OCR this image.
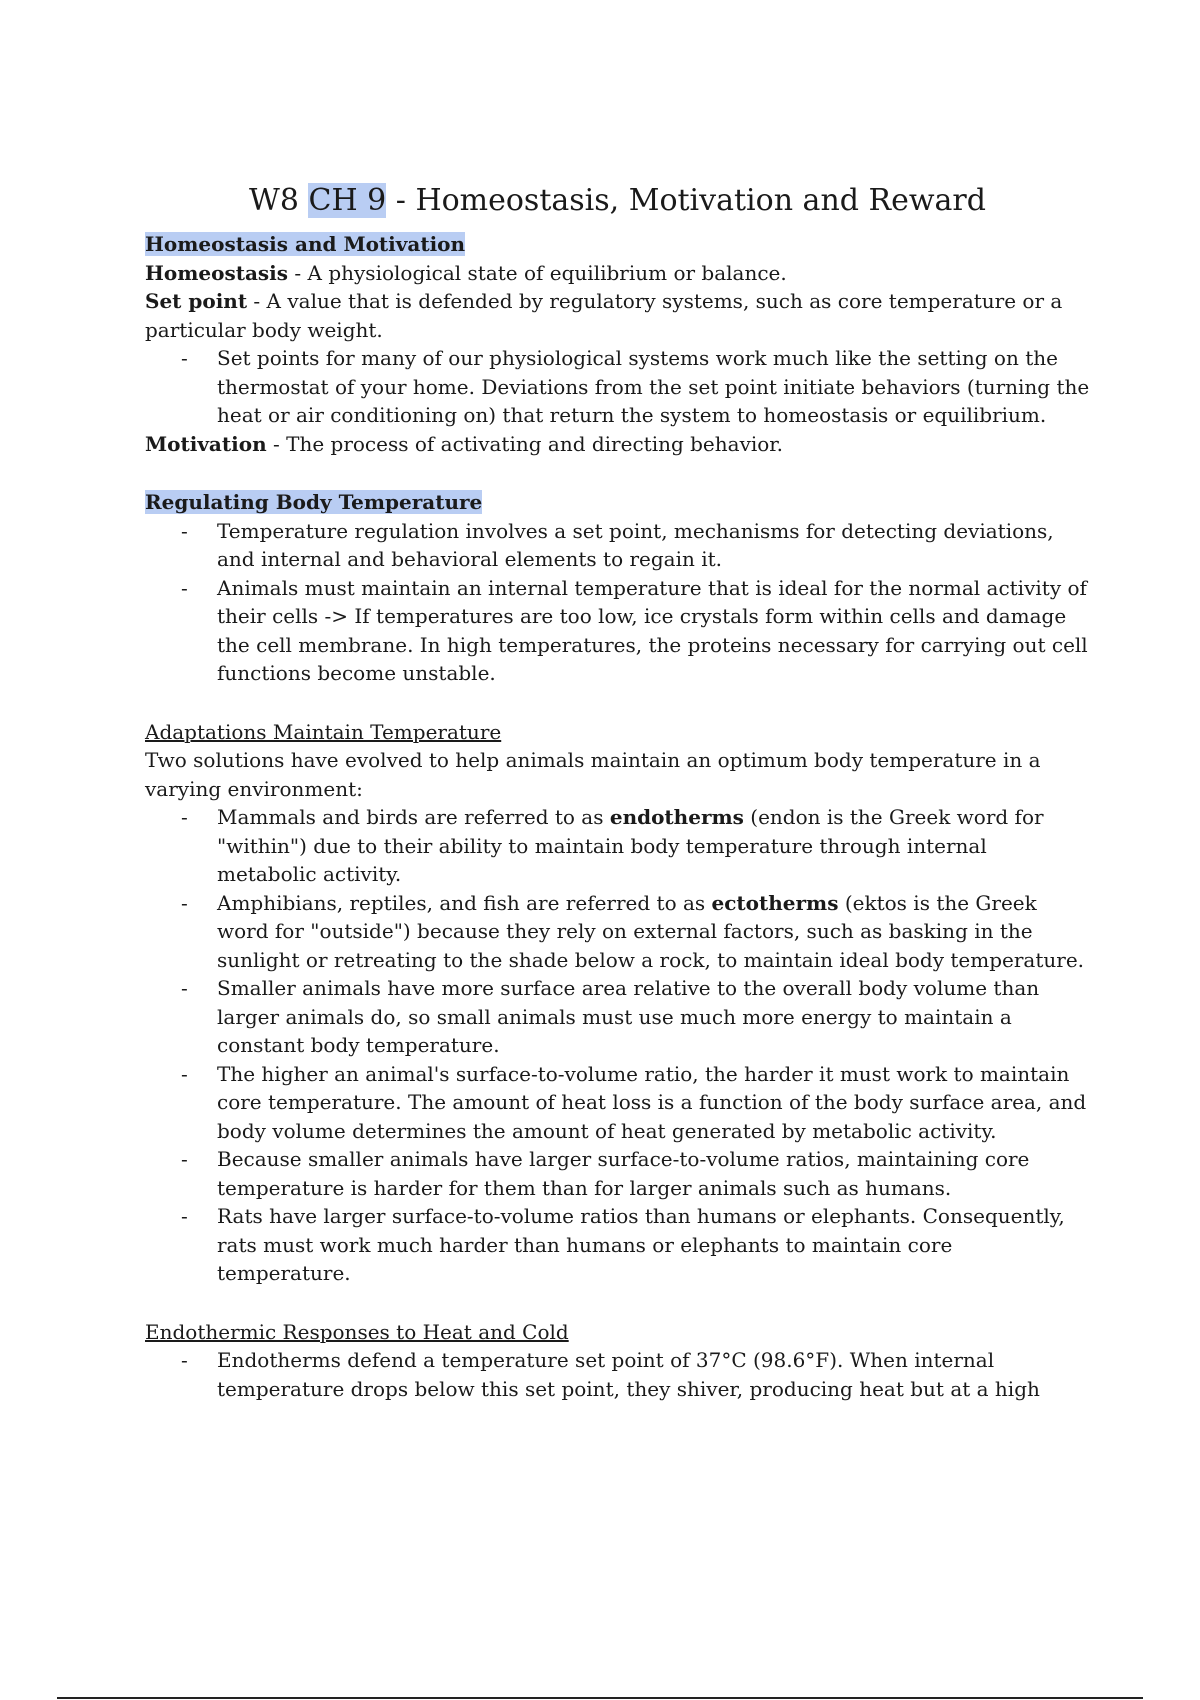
W8 CH 9 - Homeostasis, Motivation and Reward
Homeostasis and Motivation

Homeostasis - A physiological state of equilibrium or balance.

Set point - A value that is defended by regulatory systems, such as core temperature or a particular body weight.

- Set points for many of our physiological systems work much like the setting on the thermostat of your home. Deviations from the set point initiate behaviors (turning the heat or air conditioning on) that return the system to homeostasis or equilibrium.

Motivation - The process of activating and directing behavior.

Regulating Body Temperature
- Temperature regulation involves a set point, mechanisms for detecting deviations, and internal and behavioral elements to regain it.
- Animals must maintain an internal temperature that is ideal for the normal activity of their cells -> If temperatures are too low, ice crystals form within cells and damage the cell membrane. In high temperatures, the proteins necessary for carrying out cell functions become unstable.
Adaptations Maintain Temperature

Two solutions have evolved to help animals maintain an optimum body temperature in a varying environment:

- Mammals and birds are referred to as endotherms (endon is the Greek word for "within") due to their ability to maintain body temperature through internal metabolic activity.
- Amphibians, reptiles, and fish are referred to as ectotherms (ektos is the Greek word for "outside") because they rely on external factors, such as basking in the sunlight or retreating to the shade below a rock, to maintain ideal body temperature.
- Smaller animals have more surface area relative to the overall body volume than larger animals do, so small animals must use much more energy to maintain a constant body temperature.
- The higher an animal's surface-to-volume ratio, the harder it must work to maintain core temperature. The amount of heat loss is a function of the body surface area, and body volume determines the amount of heat generated by metabolic activity.
- Because smaller animals have larger surface-to-volume ratios, maintaining core temperature is harder for them than for larger animals such as humans.
- Rats have larger surface-to-volume ratios than humans or elephants. Consequently, rats must work much harder than humans or elephants to maintain core temperature.
Endothermic Responses to Heat and Cold
- Endotherms defend a temperature set point of 37°C (98.6°F). When internal temperature drops below this set point, they shiver, producing heat but at a high
